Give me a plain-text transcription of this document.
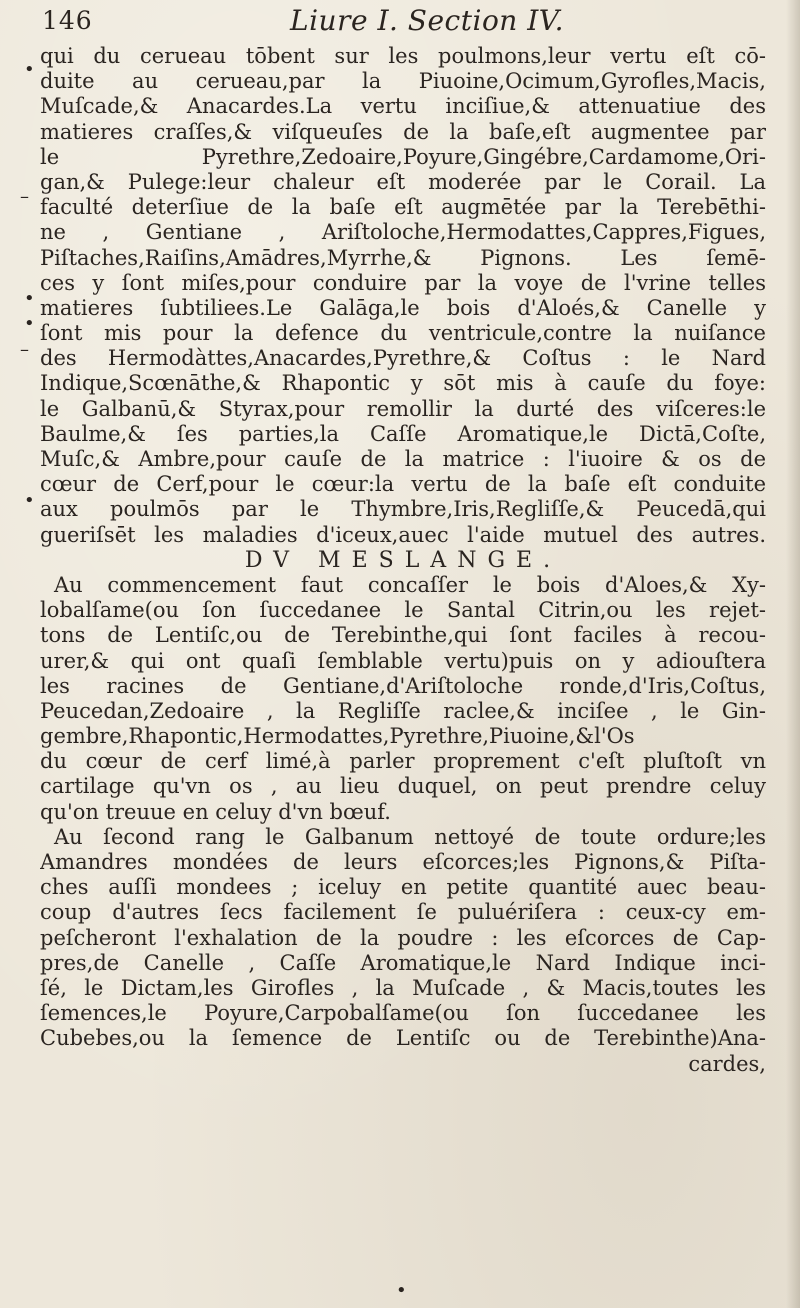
146	Liure I. Section IV.
•
–
•
•
–
•
•
qui du cerueau tōbent sur les poulmons,leur vertu eſt cō-
duite au cerueau,par la Piuoine,Ocimum,Gyrofles,Macis,
Muſcade,& Anacardes.La vertu inciſiue,& attenuatiue des
matieres craſſes,& viſqueuſes de la baſe,eſt augmentee par
le Pyrethre,Zedoaire,Poyure,Gingébre,Cardamome,Ori-
gan,& Pulege:leur chaleur eſt moderée par le Corail. La
faculté deterſiue de la baſe eſt augmētée par la Terebēthi-
ne , Gentiane , Ariſtoloche,Hermodattes,Cappres,Figues,
Piſtaches,Raiſins,Amādres,Myrrhe,& Pignons. Les ſemē-
ces y ſont miſes,pour conduire par la voye de l'vrine telles
matieres ſubtiliees.Le Galāga,le bois d'Aloés,& Canelle y
ſont mis pour la defence du ventricule,contre la nuiſance
des Hermodàttes,Anacardes,Pyrethre,& Coſtus : le Nard
Indique,Scœnāthe,& Rhapontic y sōt mis à cauſe du foye:
le Galbanū,& Styrax,pour remollir la durté des viſceres:le
Baulme,& ſes parties,la Caſſe Aromatique,le Dictā,Coſte,
Muſc,& Ambre,pour cauſe de la matrice : l'iuoire & os de
cœur de Cerf,pour le cœur:la vertu de la baſe eſt conduite
aux poulmōs par le Thymbre,Iris,Regliſſe,& Peucedā,qui
gueriſsēt les maladies d'iceux,auec l'aide mutuel des autres.
DV MESLANGE.
Au commencement faut concaſſer le bois d'Aloes,& Xy-
lobalſame(ou ſon ſuccedanee le Santal Citrin,ou les rejet-
tons de Lentiſc,ou de Terebinthe,qui ſont faciles à recou-
urer,& qui ont quaſi ſemblable vertu)puis on y adiouſtera
les racines de Gentiane,d'Ariſtoloche ronde,d'Iris,Coſtus,
Peucedan,Zedoaire , la Regliſſe raclee,& inciſee , le Gin-
gembre,Rhapontic,Hermodattes,Pyrethre,Piuoine,&l'Os
du cœur de cerf limé,à parler proprement c'eſt pluſtoſt vn
cartilage qu'vn os , au lieu duquel, on peut prendre celuy
qu'on treuue en celuy d'vn bœuf.
Au ſecond rang le Galbanum nettoyé de toute ordure;les
Amandres mondées de leurs eſcorces;les Pignons,& Piſta-
ches auſſi mondees ; iceluy en petite quantité auec beau-
coup d'autres ſecs facilement ſe puluériſera : ceux-cy em-
peſcheront l'exhalation de la poudre : les eſcorces de Cap-
pres,de Canelle , Caſſe Aromatique,le Nard Indique inci-
ſé, le Dictam,les Girofles , la Muſcade , & Macis,toutes les
ſemences,le Poyure,Carpobalſame(ou ſon ſuccedanee les
Cubebes,ou la ſemence de Lentiſc ou de Terebinthe)Ana-
cardes,
